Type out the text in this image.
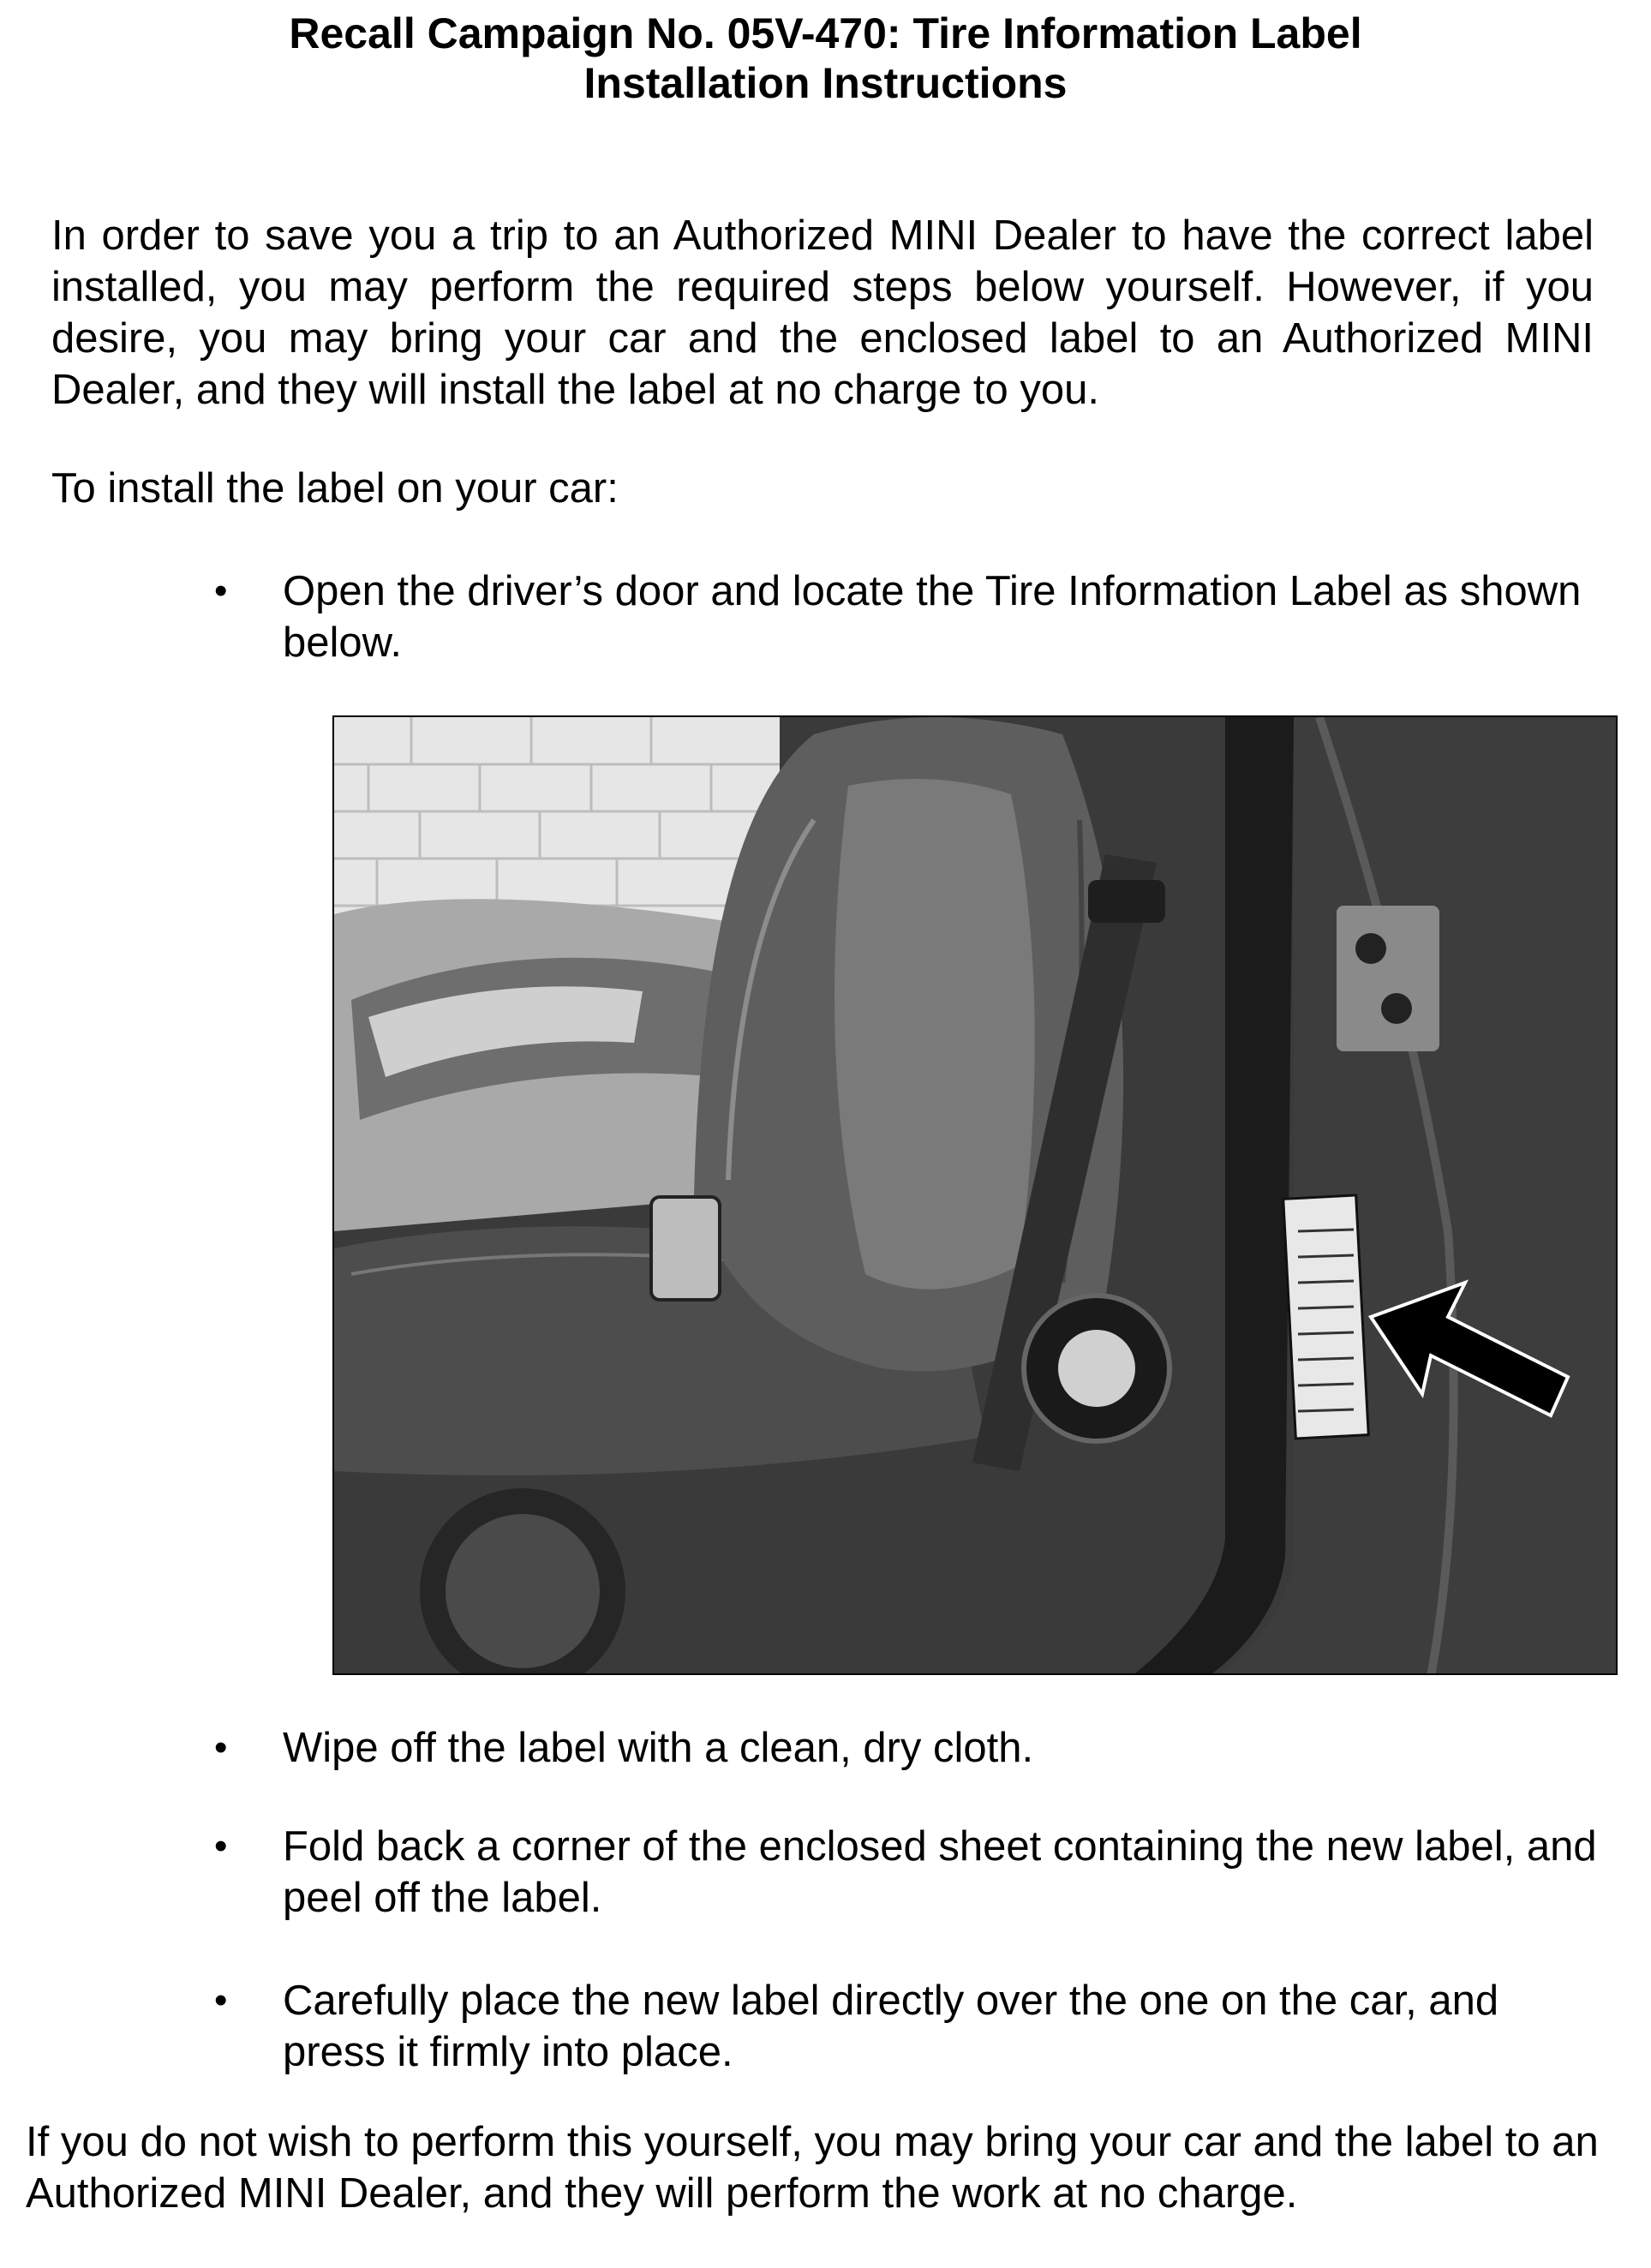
Recall Campaign No. 05V-470: Tire Information Label
Installation Instructions
In order to save you a trip to an Authorized MINI Dealer to have the correct label installed, you may perform the required steps below yourself. However, if you desire, you may bring your car and the enclosed label to an Authorized MINI Dealer, and they will install the label at no charge to you.
To install the label on your car:
•	Open the driver’s door and locate the Tire Information Label as shown below.
•	Wipe off the label with a clean, dry cloth.
•	Fold back a corner of the enclosed sheet containing the new label, and peel off the label.
•	Carefully place the new label directly over the one on the car, and press it firmly into place.
If you do not wish to perform this yourself, you may bring your car and the label to an Authorized MINI Dealer, and they will perform the work at no charge.
